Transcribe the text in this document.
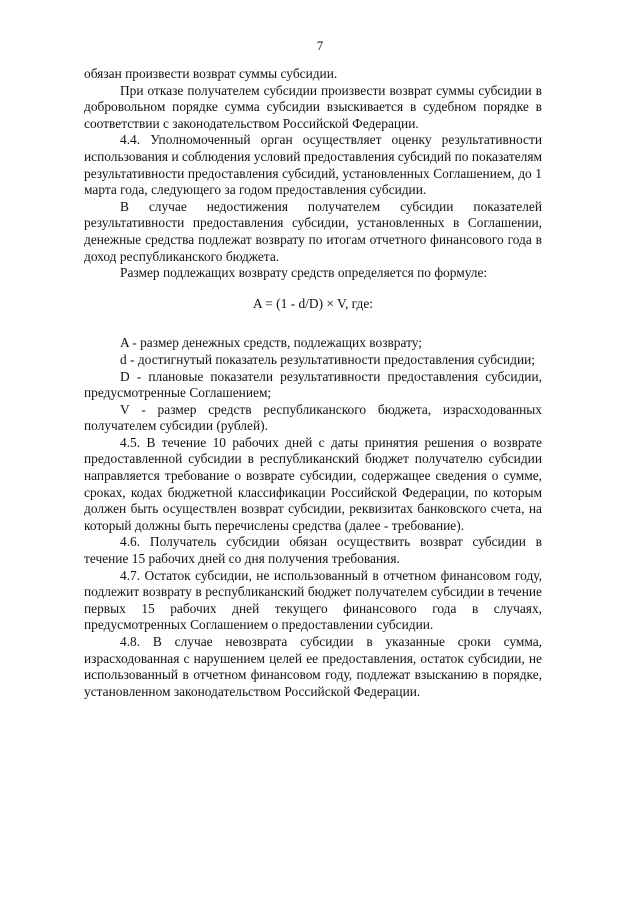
7

обязан произвести возврат суммы субсидии.

При отказе получателем субсидии произвести возврат суммы субсидии в добровольном порядке сумма субсидии взыскивается в судебном порядке в соответствии с законодательством Российской Федерации.

4.4. Уполномоченный орган осуществляет оценку результативности использования и соблюдения условий предоставления субсидий по показателям результативности предоставления субсидий, установленных Соглашением, до 1 марта года, следующего за годом предоставления субсидии.

В случае недостижения получателем субсидии показателей результативности предоставления субсидии, установленных в Соглашении, денежные средства подлежат возврату по итогам отчетного финансового года в доход республиканского бюджета.

Размер подлежащих возврату средств определяется по формуле:

A = (1 - d/D) × V, где:

A - размер денежных средств, подлежащих возврату;

d - достигнутый показатель результативности предоставления субсидии;

D - плановые показатели результативности предоставления субсидии, предусмотренные Соглашением;

V - размер средств республиканского бюджета, израсходованных получателем субсидии (рублей).

4.5. В течение 10 рабочих дней с даты принятия решения о возврате предоставленной субсидии в республиканский бюджет получателю субсидии направляется требование о возврате субсидии, содержащее сведения о сумме, сроках, кодах бюджетной классификации Российской Федерации, по которым должен быть осуществлен возврат субсидии, реквизитах банковского счета, на который должны быть перечислены средства (далее - требование).

4.6. Получатель субсидии обязан осуществить возврат субсидии в течение 15 рабочих дней со дня получения требования.

4.7. Остаток субсидии, не использованный в отчетном финансовом году, подлежит возврату в республиканский бюджет получателем субсидии в течение первых 15 рабочих дней текущего финансового года в случаях, предусмотренных Соглашением о предоставлении субсидии.

4.8. В случае невозврата субсидии в указанные сроки сумма, израсходованная с нарушением целей ее предоставления, остаток субсидии, не использованный в отчетном финансовом году, подлежат взысканию в порядке, установленном законодательством Российской Федерации.
